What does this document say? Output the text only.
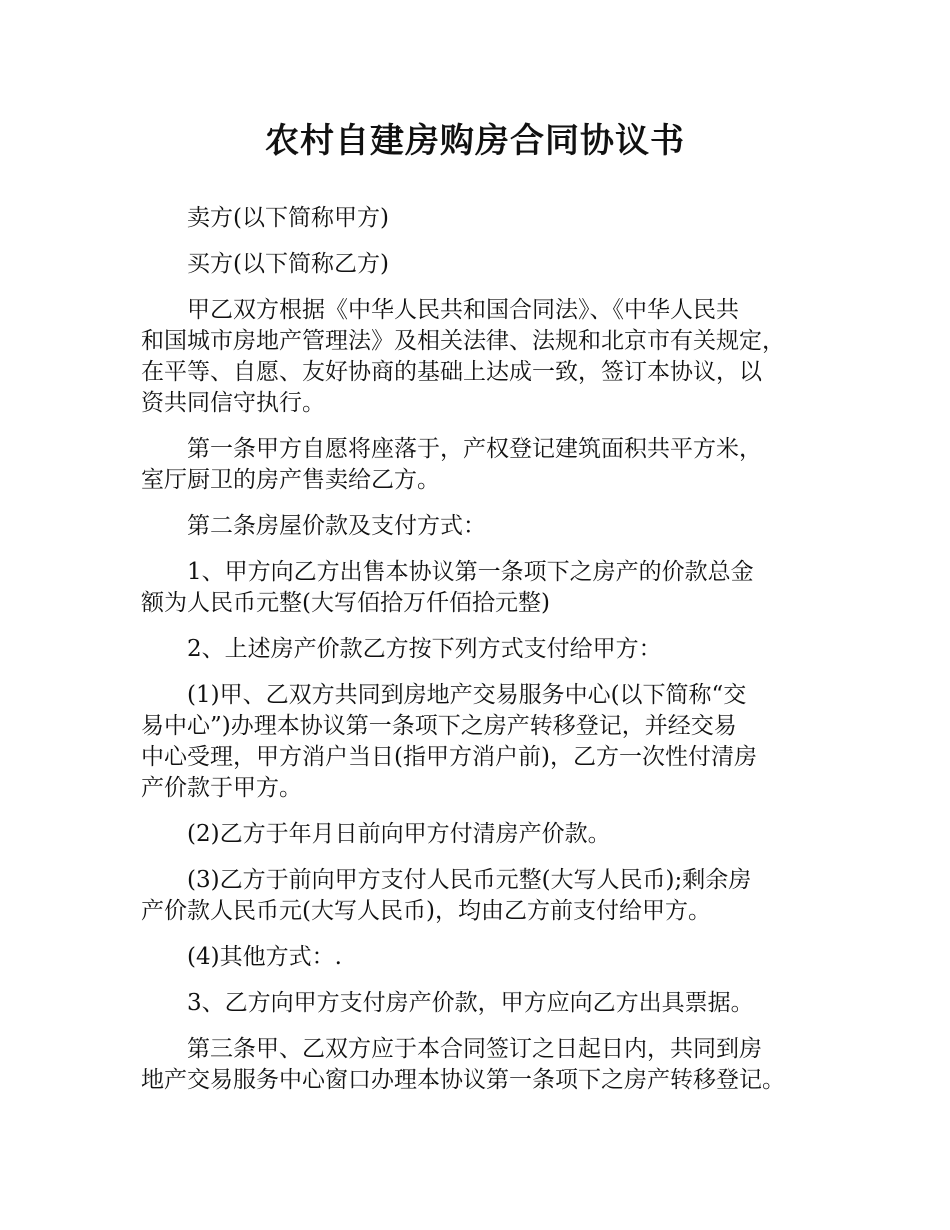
农村自建房购房合同协议书

卖方(以下简称甲方)

买方(以下简称乙方)

甲乙双方根据《中华人民共和国合同法》、《中华人民共
和国城市房地产管理法》及相关法律、法规和北京市有关规定，
在平等、自愿、友好协商的基础上达成一致，签订本协议，以
资共同信守执行。

第一条甲方自愿将座落于，产权登记建筑面积共平方米，
室厅厨卫的房产售卖给乙方。

第二条房屋价款及支付方式：

1、甲方向乙方出售本协议第一条项下之房产的价款总金
额为人民币元整(大写佰拾万仟佰拾元整)

2、上述房产价款乙方按下列方式支付给甲方：

(1)甲、乙双方共同到房地产交易服务中心(以下简称“交
易中心”)办理本协议第一条项下之房产转移登记，并经交易
中心受理，甲方消户当日(指甲方消户前)，乙方一次性付清房
产价款于甲方。

(2)乙方于年月日前向甲方付清房产价款。

(3)乙方于前向甲方支付人民币元整(大写人民币);剩余房
产价款人民币元(大写人民币)，均由乙方前支付给甲方。

(4)其他方式：.

3、乙方向甲方支付房产价款，甲方应向乙方出具票据。

第三条甲、乙双方应于本合同签订之日起日内，共同到房
地产交易服务中心窗口办理本协议第一条项下之房产转移登记。
